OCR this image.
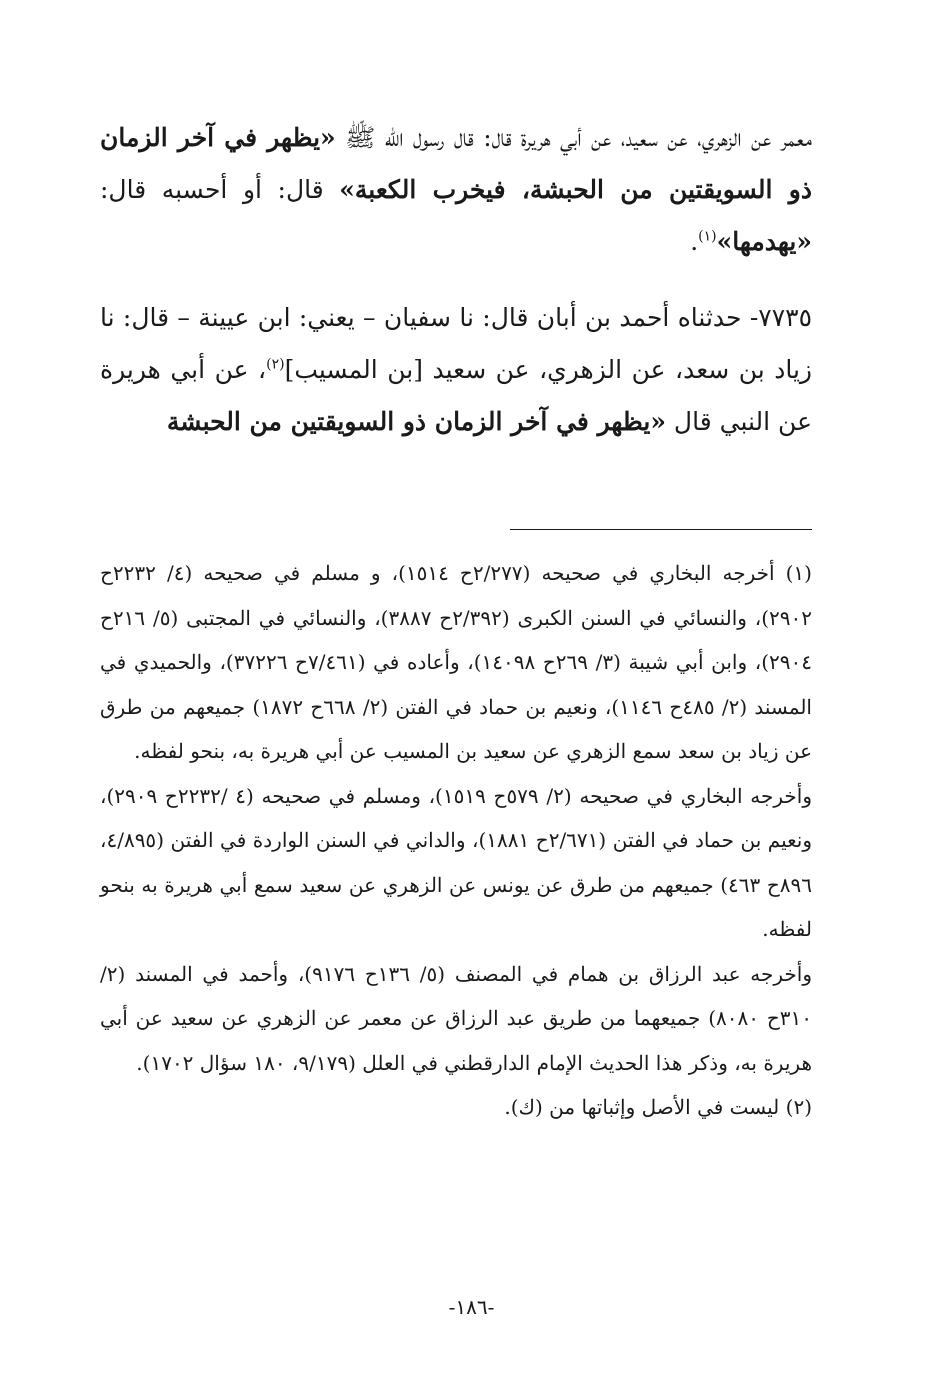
معمر عن الزهري، عن سعيد، عن أبي هريرة قال: قال رسول الله ﷺ «يظهر في آخر الزمان ذو السويقتين من الحبشة، فيخرب الكعبة» قال: أو أحسبه قال: «يهدمها»$^{(١)}$.

٧٧٣٥- حدثناه أحمد بن أبان قال: نا سفيان – يعني: ابن عيينة – قال: نا زياد بن سعد، عن الزهري، عن سعيد [بن المسيب]$^{(٢)}$، عن أبي هريرة عن النبي قال «يظهر في آخر الزمان ذو السويقتين من الحبشة

(١) أخرجه البخاري في صحيحه (٢/٢٧٧ح ١٥١٤)، و مسلم في صحيحه (٤/ ٢٢٣٢ح ٢٩٠٢)، والنسائي في السنن الكبرى (٢/٣٩٢ح ٣٨٨٧)، والنسائي في المجتبى (٥/ ٢١٦ح ٢٩٠٤)، وابن أبي شيبة (٣/ ٢٦٩ح ١٤٠٩٨)، وأعاده في (٧/٤٦١ح ٣٧٢٢٦)، والحميدي في المسند (٢/ ٤٨٥ح ١١٤٦)، ونعيم بن حماد في الفتن (٢/ ٦٦٨ح ١٨٧٢) جميعهم من طرق عن زياد بن سعد سمع الزهري عن سعيد بن المسيب عن أبي هريرة به، بنحو لفظه.

وأخرجه البخاري في صحيحه (٢/ ٥٧٩ح ١٥١٩)، ومسلم في صحيحه (٤ /٢٢٣٢ح ٢٩٠٩)، ونعيم بن حماد في الفتن (٢/٦٧١ح ١٨٨١)، والداني في السنن الواردة في الفتن (٤/٨٩٥، ٨٩٦ح ٤٦٣) جميعهم من طرق عن يونس عن الزهري عن سعيد سمع أبي هريرة به بنحو لفظه.

وأخرجه عبد الرزاق بن همام في المصنف (٥/ ١٣٦ح ٩١٧٦)، وأحمد في المسند (٢/ ٣١٠ح ٨٠٨٠) جميعهما من طريق عبد الرزاق عن معمر عن الزهري عن سعيد عن أبي هريرة به، وذكر هذا الحديث الإمام الدارقطني في العلل (٩/١٧٩، ١٨٠ سؤال ١٧٠٢).

(٢) ليست في الأصل وإثباتها من (ك).

-١٨٦-
